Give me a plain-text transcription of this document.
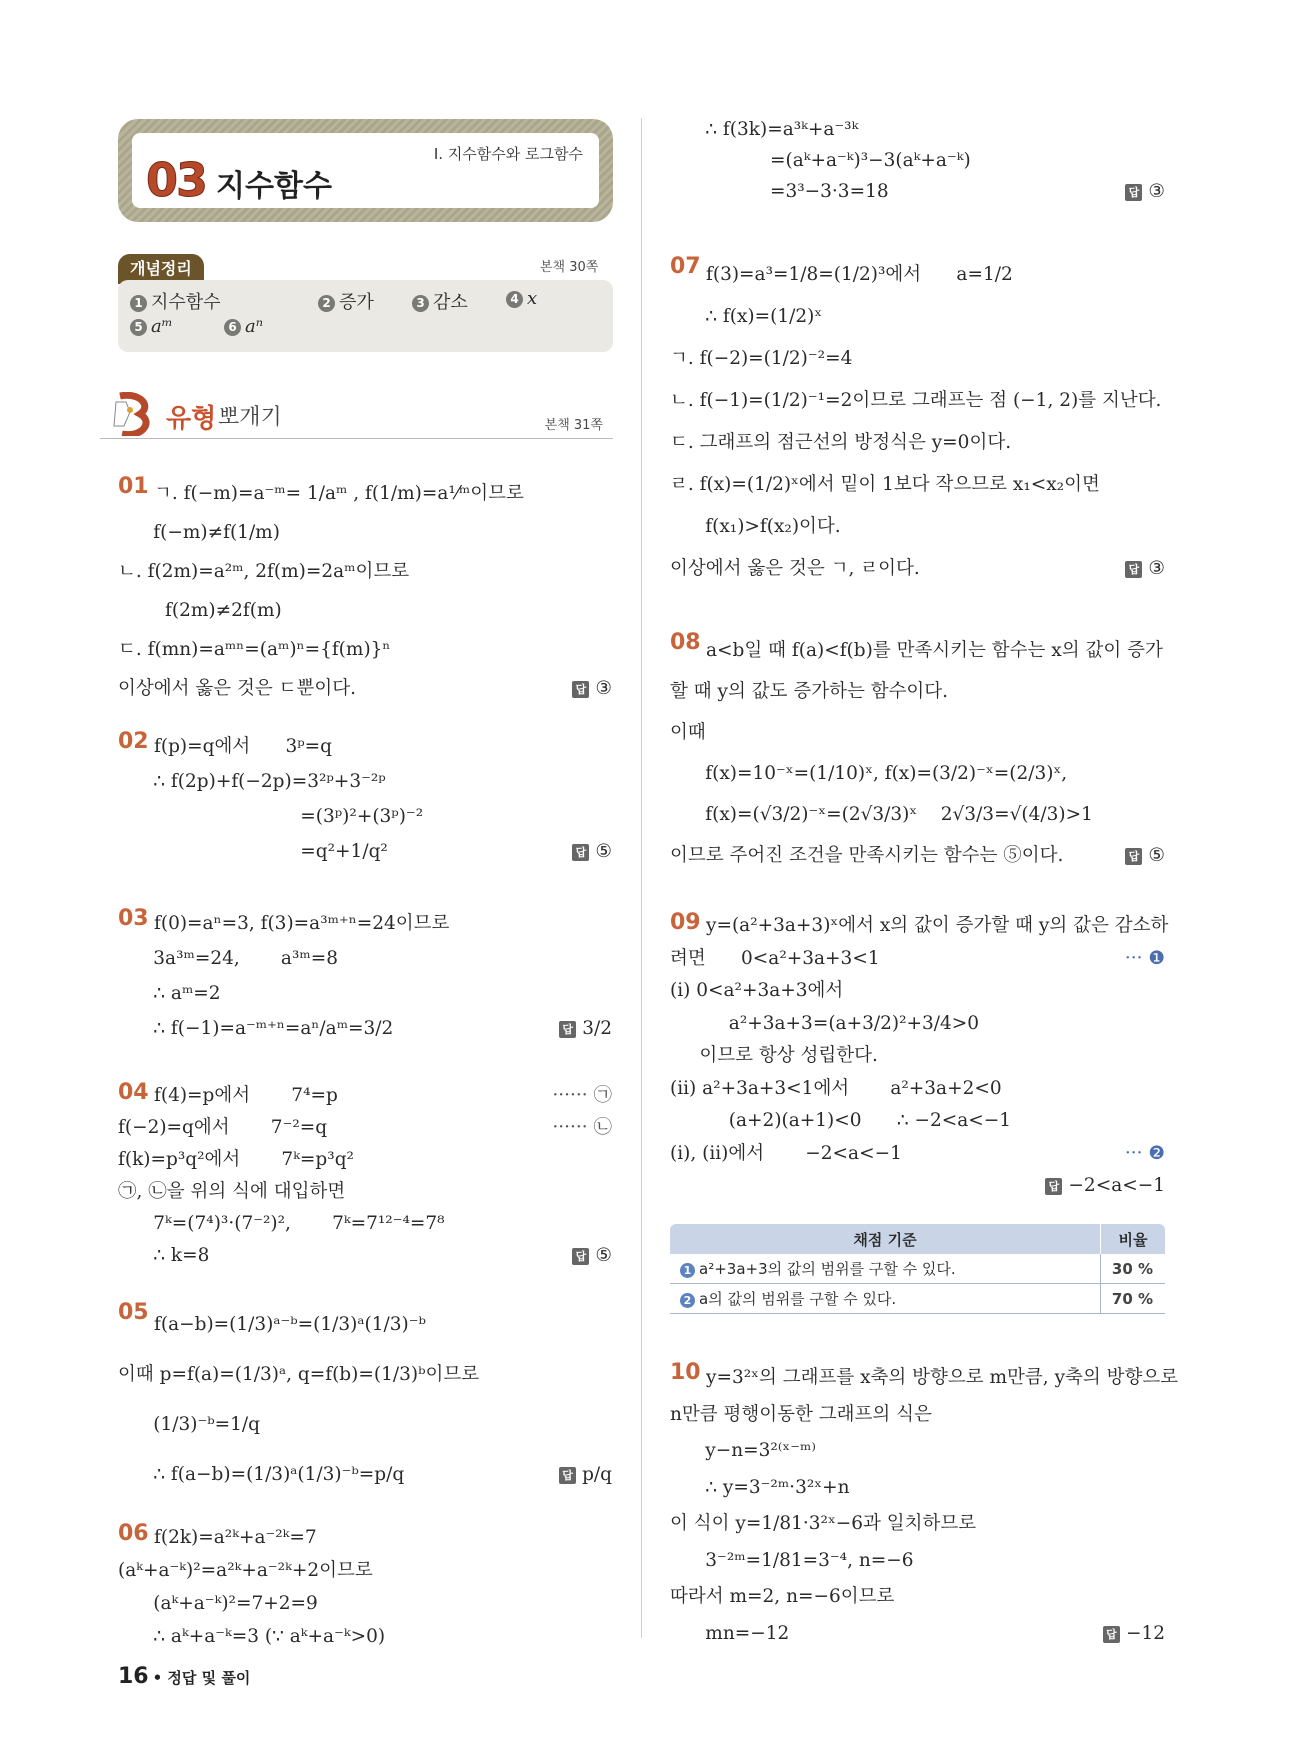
03 지수함수
Ⅰ. 지수함수와 로그함수
개념정리	본책 30쪽
1 지수함수	2 증가	3 감소	4 x
5 aᵐ	6 aⁿ
유형 뽀개기	본책 31쪽
01 ㄱ. f(−m)=a⁻ᵐ= 1/aᵐ , f(1/m)=a¹⁄ᵐ이므로
f(−m)≠f(1/m)
ㄴ. f(2m)=a²ᵐ, 2f(m)=2aᵐ이므로
f(2m)≠2f(m)
ㄷ. f(mn)=aᵐⁿ=(aᵐ)ⁿ={f(m)}ⁿ
이상에서 옳은 것은 ㄷ뿐이다.	답 ③
02 f(p)=q에서      3ᵖ=q
∴ f(2p)+f(−2p)=3²ᵖ+3⁻²ᵖ
=(3ᵖ)²+(3ᵖ)⁻²
=q²+1/q²	답 ⑤
03 f(0)=aⁿ=3, f(3)=a³ᵐ⁺ⁿ=24이므로
3a³ᵐ=24,       a³ᵐ=8
∴ aᵐ=2
∴ f(−1)=a⁻ᵐ⁺ⁿ=aⁿ/aᵐ=3/2	답 3/2
04 f(4)=p에서       7⁴=p	······ ㉠
f(−2)=q에서       7⁻²=q	······ ㉡
f(k)=p³q²에서       7ᵏ=p³q²
㉠, ㉡을 위의 식에 대입하면
7ᵏ=(7⁴)³·(7⁻²)²,       7ᵏ=7¹²⁻⁴=7⁸
∴ k=8	답 ⑤
05 f(a−b)=(1/3)ᵃ⁻ᵇ=(1/3)ᵃ(1/3)⁻ᵇ
이때 p=f(a)=(1/3)ᵃ, q=f(b)=(1/3)ᵇ이므로
(1/3)⁻ᵇ=1/q
∴ f(a−b)=(1/3)ᵃ(1/3)⁻ᵇ=p/q	답 p/q
06 f(2k)=a²ᵏ+a⁻²ᵏ=7
(aᵏ+a⁻ᵏ)²=a²ᵏ+a⁻²ᵏ+2이므로
(aᵏ+a⁻ᵏ)²=7+2=9
∴ aᵏ+a⁻ᵏ=3 (∵ aᵏ+a⁻ᵏ>0)
∴ f(3k)=a³ᵏ+a⁻³ᵏ
=(aᵏ+a⁻ᵏ)³−3(aᵏ+a⁻ᵏ)
=3³−3·3=18	답 ③
07 f(3)=a³=1/8=(1/2)³에서      a=1/2
∴ f(x)=(1/2)ˣ
ㄱ. f(−2)=(1/2)⁻²=4
ㄴ. f(−1)=(1/2)⁻¹=2이므로 그래프는 점 (−1, 2)를 지난다.
ㄷ. 그래프의 점근선의 방정식은 y=0이다.
ㄹ. f(x)=(1/2)ˣ에서 밑이 1보다 작으므로 x₁<x₂이면
f(x₁)>f(x₂)이다.
이상에서 옳은 것은 ㄱ, ㄹ이다.	답 ③
08 a<b일 때 f(a)<f(b)를 만족시키는 함수는 x의 값이 증가
할 때 y의 값도 증가하는 함수이다.
이때
f(x)=10⁻ˣ=(1/10)ˣ, f(x)=(3/2)⁻ˣ=(2/3)ˣ,
f(x)=(√3/2)⁻ˣ=(2√3/3)ˣ    2√3/3=√(4/3)>1
이므로 주어진 조건을 만족시키는 함수는 ⑤이다.	답 ⑤
09 y=(a²+3a+3)ˣ에서 x의 값이 증가할 때 y의 값은 감소하
려면      0<a²+3a+3<1	··· ❶
(i) 0<a²+3a+3에서
a²+3a+3=(a+3/2)²+3/4>0
이므로 항상 성립한다.
(ii) a²+3a+3<1에서       a²+3a+2<0
(a+2)(a+1)<0      ∴ −2<a<−1
(i), (ii)에서       −2<a<−1	··· ❷

답 −2<a<−1
채점 기준	비율
1 a²+3a+3의 값의 범위를 구할 수 있다.	30 %
2 a의 값의 범위를 구할 수 있다.	70 %
10 y=3²ˣ의 그래프를 x축의 방향으로 m만큼, y축의 방향으로
n만큼 평행이동한 그래프의 식은
y−n=3²⁽ˣ⁻ᵐ⁾
∴ y=3⁻²ᵐ·3²ˣ+n
이 식이 y=1/81·3²ˣ−6과 일치하므로
3⁻²ᵐ=1/81=3⁻⁴, n=−6
따라서 m=2, n=−6이므로
mn=−12	답 −12
16 • 정답 및 풀이
